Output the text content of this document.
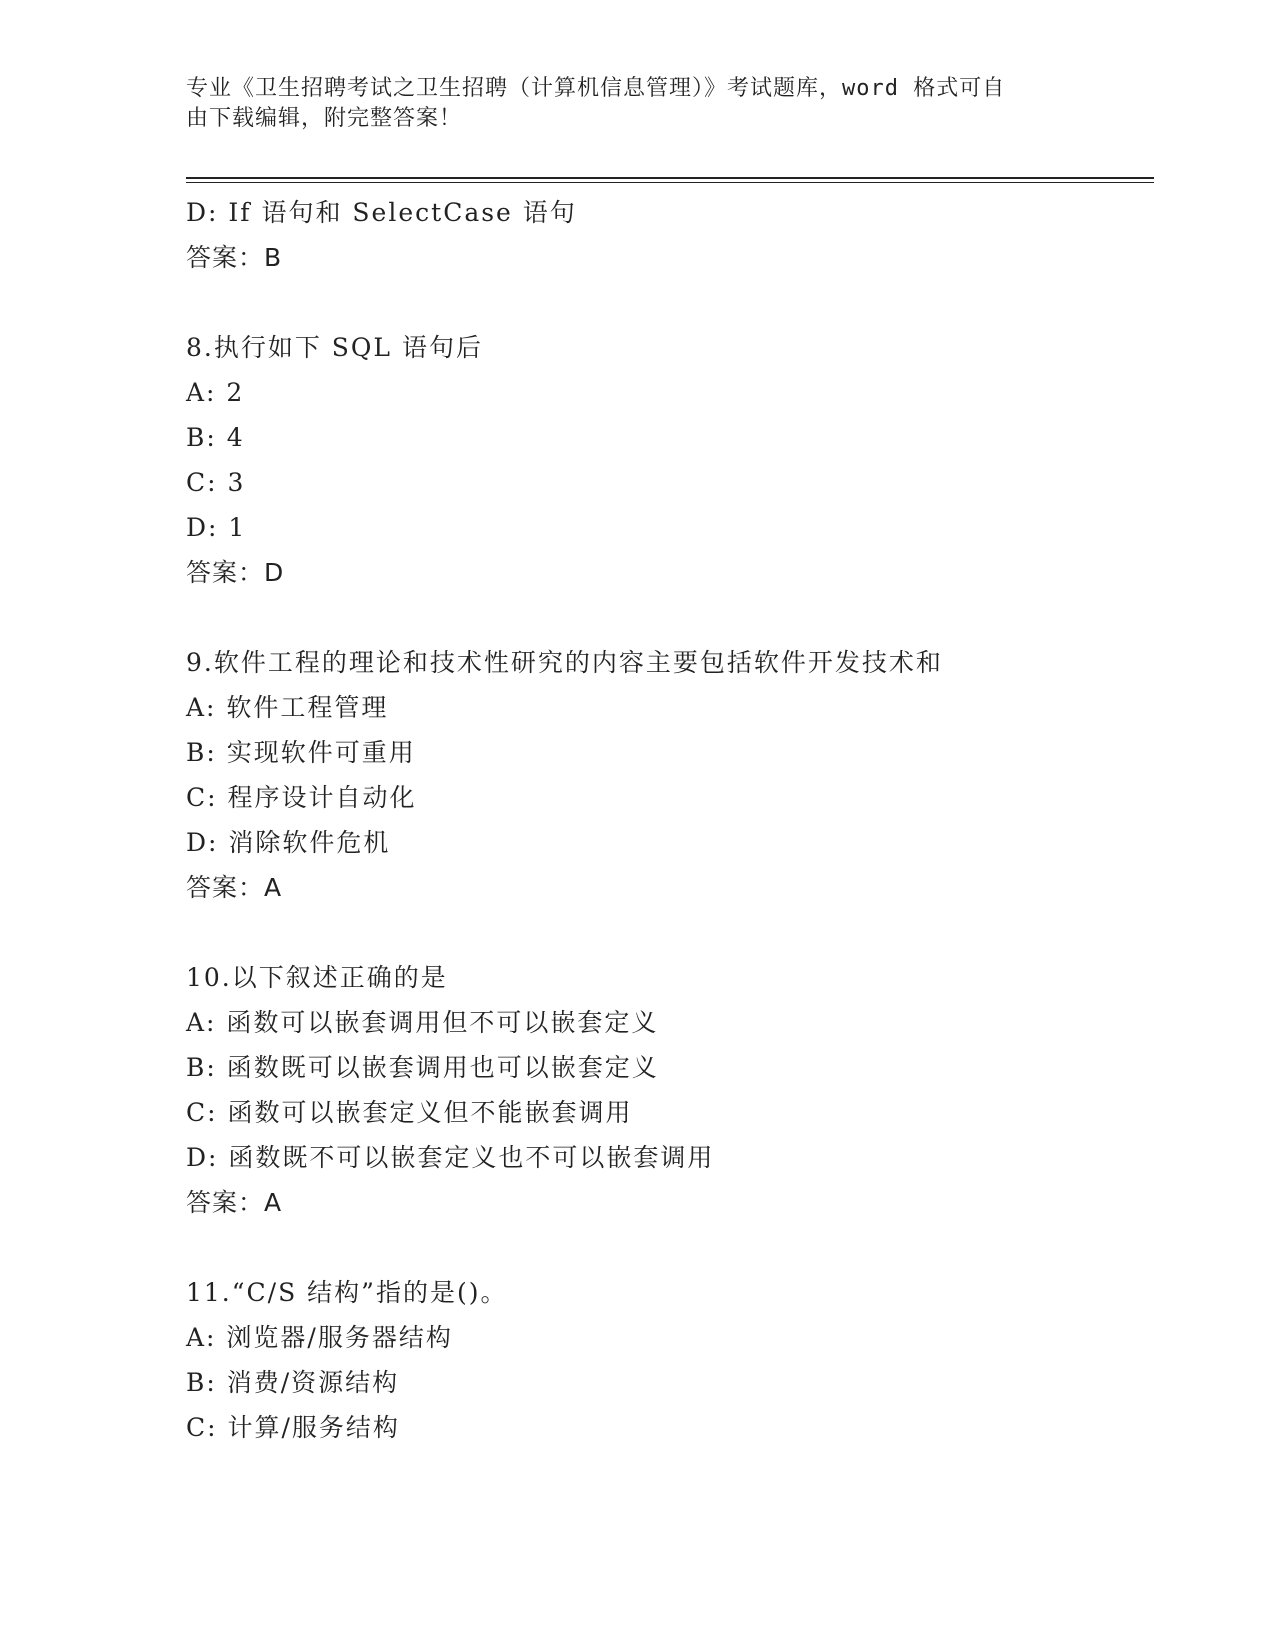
专业《卫生招聘考试之卫生招聘（计算机信息管理）》考试题库，word 格式可自
由下载编辑，附完整答案！
D: If 语句和 SelectCase 语句
答案：B
8.执行如下 SQL 语句后
A: 2
B: 4
C: 3
D: 1
答案：D
9.软件工程的理论和技术性研究的内容主要包括软件开发技术和
A: 软件工程管理
B: 实现软件可重用
C: 程序设计自动化
D: 消除软件危机
答案：A
10.以下叙述正确的是
A: 函数可以嵌套调用但不可以嵌套定义
B: 函数既可以嵌套调用也可以嵌套定义
C: 函数可以嵌套定义但不能嵌套调用
D: 函数既不可以嵌套定义也不可以嵌套调用
答案：A
11.“C/S 结构”指的是()。
A: 浏览器/服务器结构
B: 消费/资源结构
C: 计算/服务结构
